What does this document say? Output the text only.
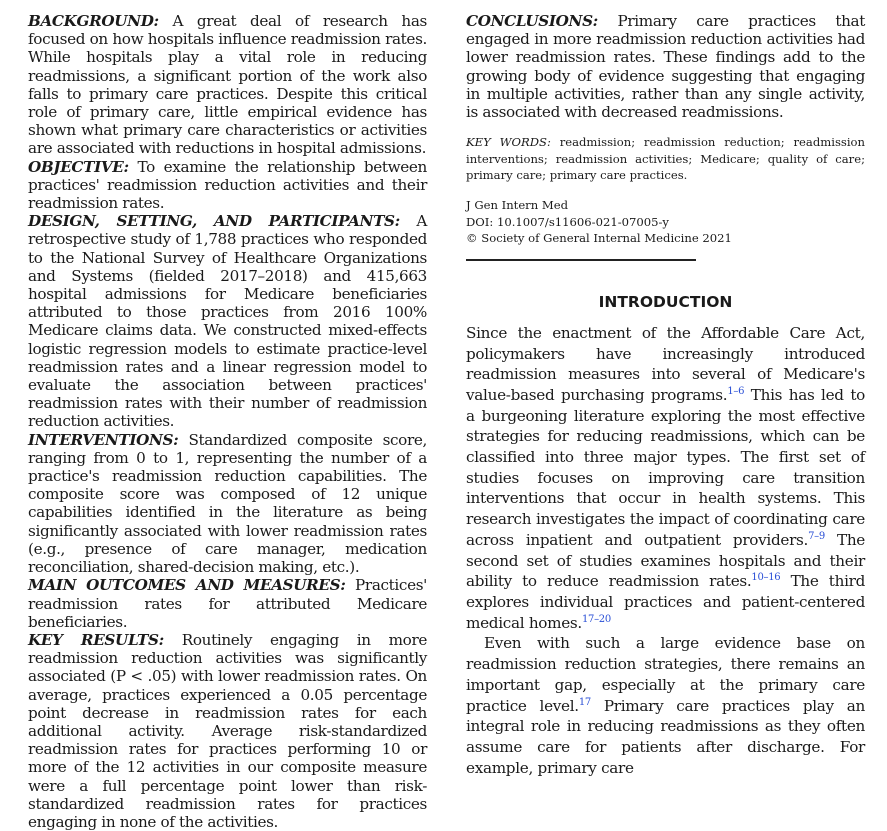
BACKGROUND: A great deal of research has focused on how hospitals influence readmission rates. While hospitals play a vital role in reducing readmissions, a significant portion of the work also falls to primary care practices. Despite this critical role of primary care, little empirical evidence has shown what primary care characteristics or activities are associated with reductions in hospital admissions.

OBJECTIVE: To examine the relationship between practices' readmission reduction activities and their readmission rates.

DESIGN, SETTING, AND PARTICIPANTS: A retrospective study of 1,788 practices who responded to the National Survey of Healthcare Organizations and Systems (fielded 2017–2018) and 415,663 hospital admissions for Medicare beneficiaries attributed to those practices from 2016 100% Medicare claims data. We constructed mixed-effects logistic regression models to estimate practice-level readmission rates and a linear regression model to evaluate the association between practices' readmission rates with their number of readmission reduction activities.

INTERVENTIONS: Standardized composite score, ranging from 0 to 1, representing the number of a practice's readmission reduction capabilities. The composite score was composed of 12 unique capabilities identified in the literature as being significantly associated with lower readmission rates (e.g., presence of care manager, medication reconciliation, shared-decision making, etc.).

MAIN OUTCOMES AND MEASURES: Practices' readmission rates for attributed Medicare beneficiaries.

KEY RESULTS: Routinely engaging in more readmission reduction activities was significantly associated (P < .05) with lower readmission rates. On average, practices experienced a 0.05 percentage point decrease in readmission rates for each additional activity. Average risk-standardized readmission rates for practices performing 10 or more of the 12 activities in our composite measure were a full percentage point lower than risk-standardized readmission rates for practices engaging in none of the activities.

CONCLUSIONS: Primary care practices that engaged in more readmission reduction activities had lower readmission rates. These findings add to the growing body of evidence suggesting that engaging in multiple activities, rather than any single activity, is associated with decreased readmissions.

KEY WORDS: readmission; readmission reduction; readmission interventions; readmission activities; Medicare; quality of care; primary care; primary care practices.

J Gen Intern Med
DOI: 10.1007/s11606-021-07005-y
© Society of General Internal Medicine 2021
INTRODUCTION

Since the enactment of the Affordable Care Act, policymakers have increasingly introduced readmission measures into several of Medicare's value-based purchasing programs.$^{1-6}$ This has led to a burgeoning literature exploring the most effective strategies for reducing readmissions, which can be classified into three major types. The first set of studies focuses on improving care transition interventions that occur in health systems. This research investigates the impact of coordinating care across inpatient and outpatient providers.$^{7-9}$ The second set of studies examines hospitals and their ability to reduce readmission rates.$^{10-16}$ The third explores individual practices and patient-centered medical homes.$^{17-20}$

Even with such a large evidence base on readmission reduction strategies, there remains an important gap, especially at the primary care practice level.$^{17}$ Primary care practices play an integral role in reducing readmissions as they often assume care for patients after discharge. For example, primary care
